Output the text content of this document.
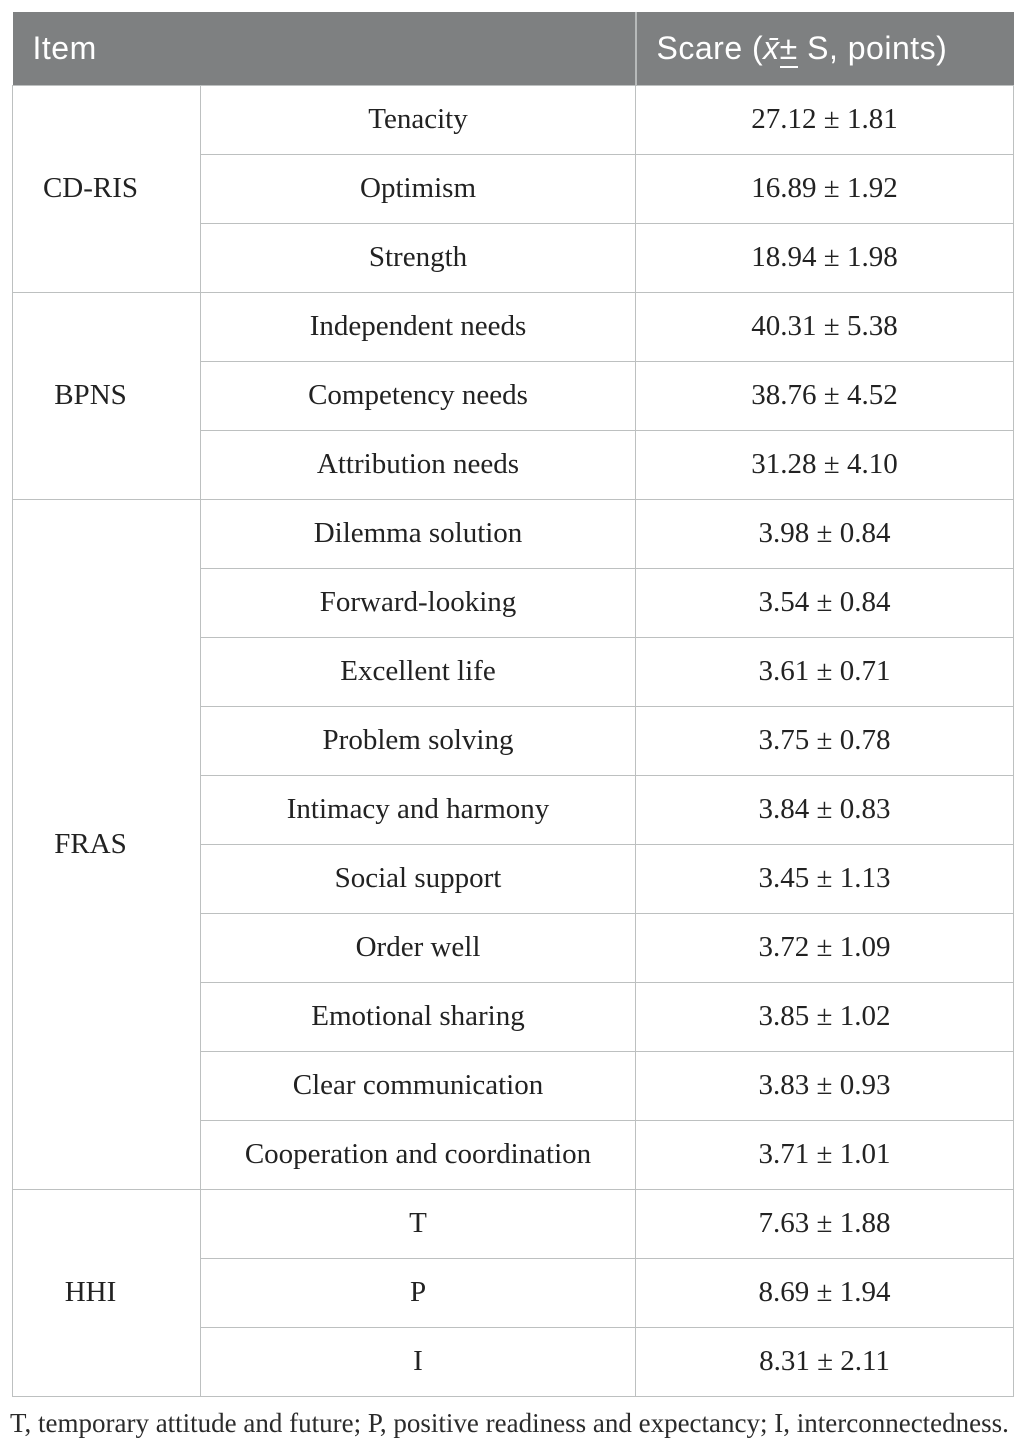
Item		Scare (x̄± S, points)
CD-RIS	Tenacity	27.12 ± 1.81
	Optimism	16.89 ± 1.92
	Strength	18.94 ± 1.98
BPNS	Independent needs	40.31 ± 5.38
	Competency needs	38.76 ± 4.52
	Attribution needs	31.28 ± 4.10
FRAS	Dilemma solution	3.98 ± 0.84
	Forward-looking	3.54 ± 0.84
	Excellent life	3.61 ± 0.71
	Problem solving	3.75 ± 0.78
	Intimacy and harmony	3.84 ± 0.83
	Social support	3.45 ± 1.13
	Order well	3.72 ± 1.09
	Emotional sharing	3.85 ± 1.02
	Clear communication	3.83 ± 0.93
	Cooperation and coordination	3.71 ± 1.01
HHI	T	7.63 ± 1.88
	P	8.69 ± 1.94
	I	8.31 ± 2.11

T, temporary attitude and future; P, positive readiness and expectancy; I, interconnectedness.
